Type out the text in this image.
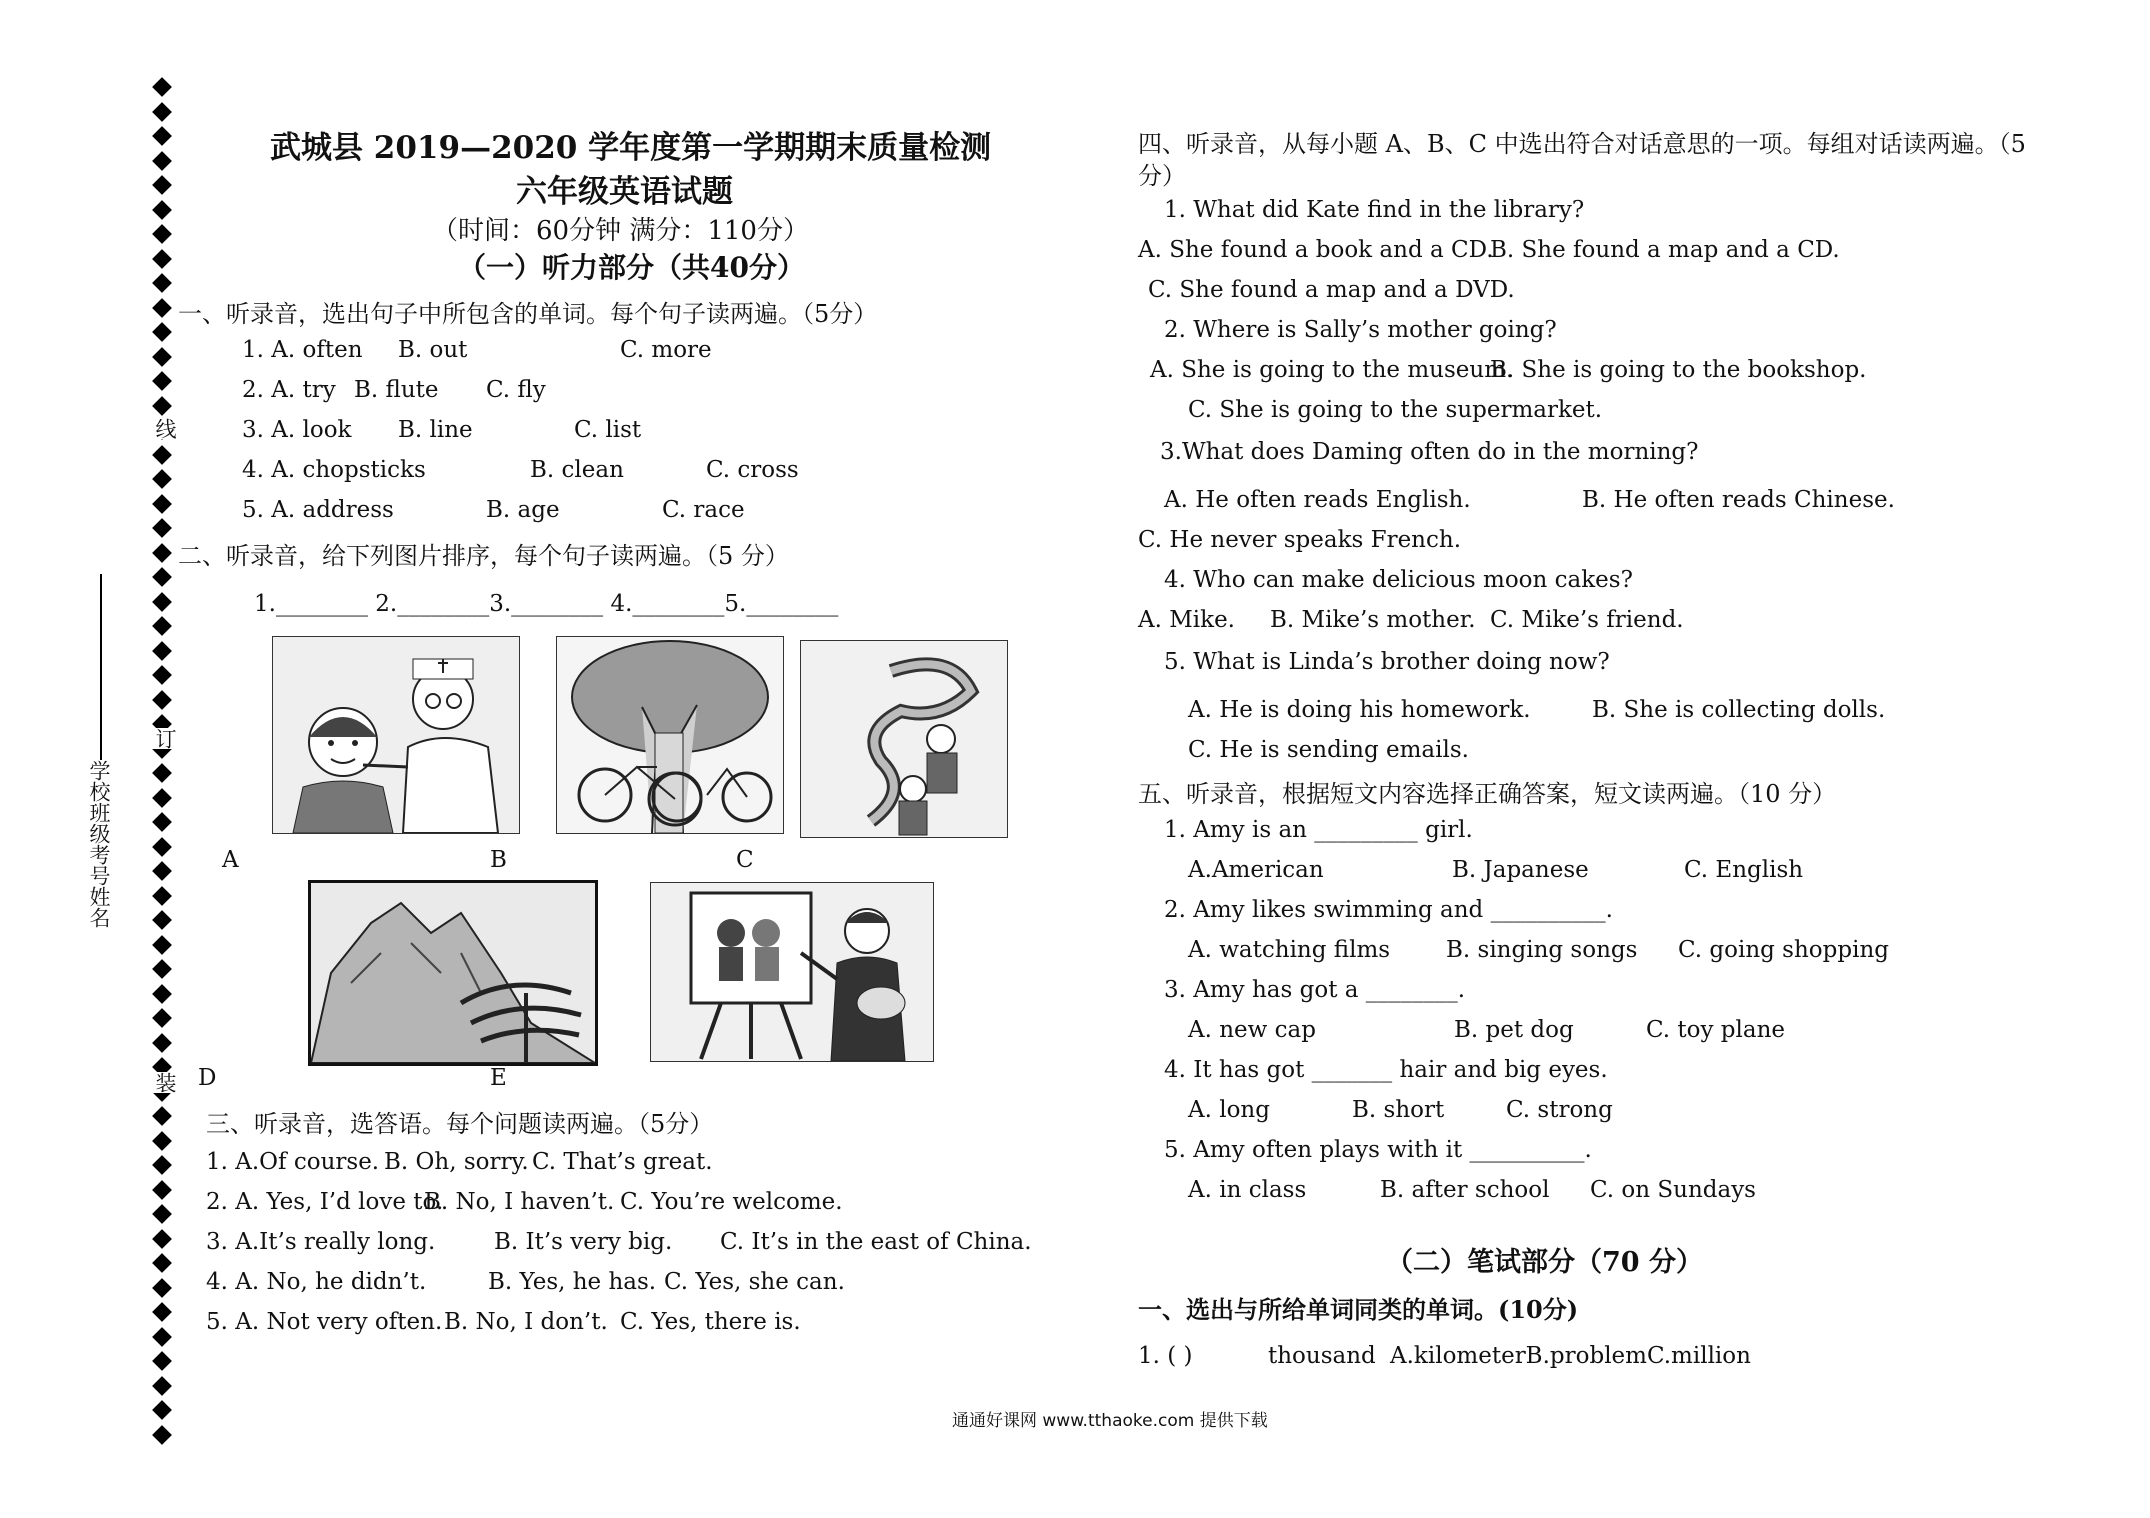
学校班级考号姓名
线
订
装
武城县 2019—2020 学年度第一学期期末质量检测
六年级英语试题
（时间：60分钟 满分：110分）
（一）听力部分（共40分）
一、听录音，选出句子中所包含的单词。每个句子读两遍。（5分）
1. A. often B. out	C. more
2. A. try B. flute C. fly
3. A. look B. line	C. list
4. A. chopsticks	B. clean	C. cross
5. A. address	B. age	C. race
二、听录音，给下列图片排序，每个句子读两遍。（5 分）
1.________ 2.________3.________ 4.________5.________
A	B	C
D	E
三、听录音，选答语。每个问题读两遍。（5分）
1. A.Of course. B. Oh, sorry. C. That’s great.
2. A. Yes, I’d love to.
B. No, I haven’t. C. You’re welcome.
3. A.It’s really long.	B. It’s very big. C. It’s in the east of China.
4. A. No, he didn’t.	B. Yes, he has. C. Yes, she can.
5. A. Not very often. B. No, I don’t. C. Yes, there is.
四、听录音，从每小题 A、B、C 中选出符合对话意思的一项。每组对话读两遍。（5
分）
1. What did Kate find in the library?
A. She found a book and a CD.
B. She found a map and a CD.
C. She found a map and a DVD.
2. Where is Sally’s mother going?
A. She is going to the museum.
B. She is going to the bookshop.
C. She is going to the supermarket.
3.What does Daming often do in the morning?
A. He often reads English.	B. He often reads Chinese.
C. He never speaks French.
4. Who can make delicious moon cakes?
A. Mike. B. Mike’s mother. C. Mike’s friend.
5. What is Linda’s brother doing now?
A. He is doing his homework.	B. She is collecting dolls.
C. He is sending emails.
五、听录音，根据短文内容选择正确答案，短文读两遍。（10 分）
1. Amy is an _________ girl.
A.American	B. Japanese	C. English
2. Amy likes swimming and __________.
A. watching films B. singing songs C. going shopping
3. Amy has got a ________.
A. new cap	B. pet dog	C. toy plane
4. It has got _______ hair and big eyes.
A. long	B. short	C. strong
5. Amy often plays with it __________.
A. in class	B. after school C. on Sundays
（二）笔试部分（70 分）
一、选出与所给单词同类的单词。(10分)
1. ( )	thousand A.kilometerB.problemC.million
通通好课网 www.tthaoke.com 提供下载
